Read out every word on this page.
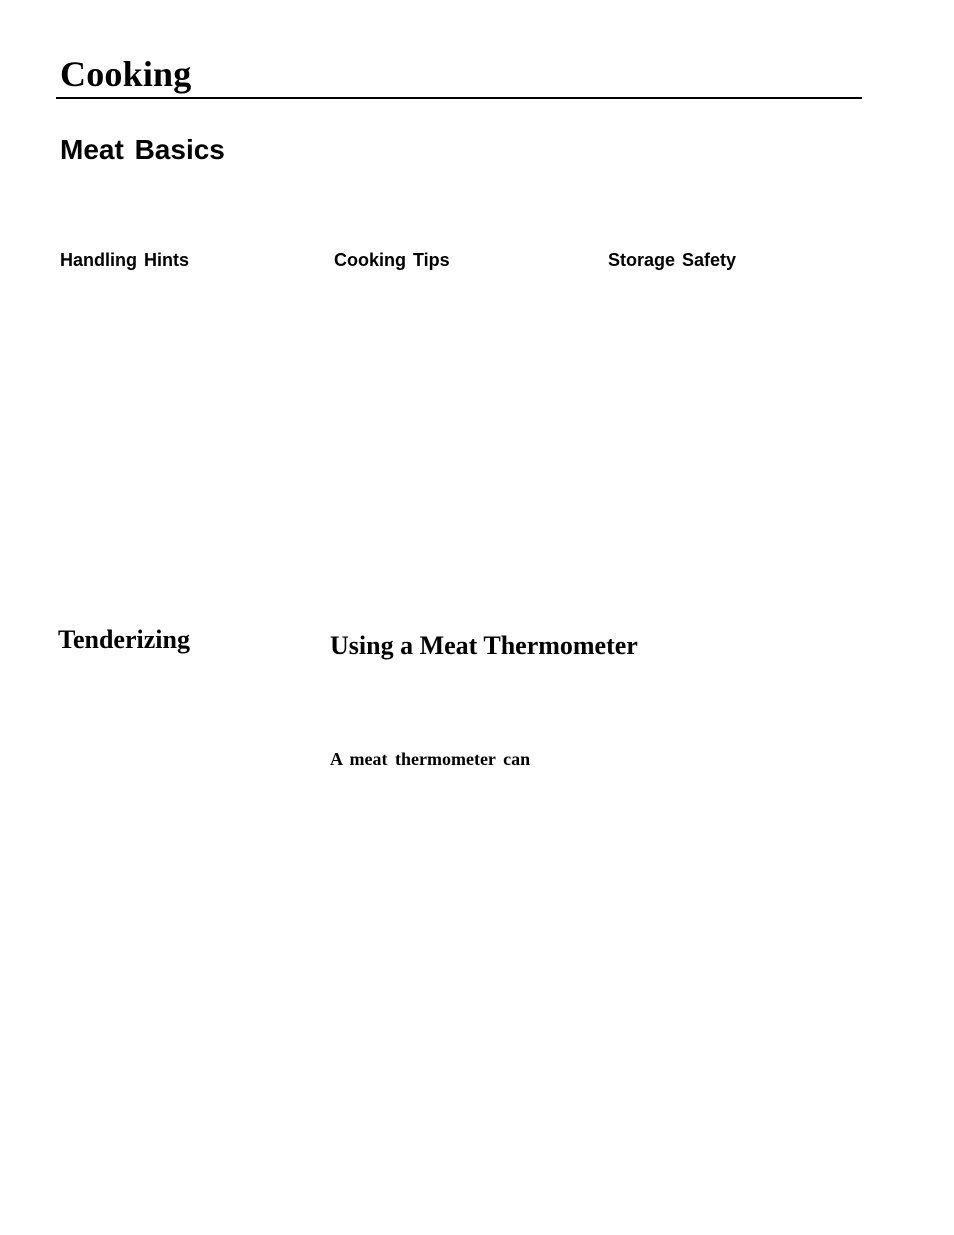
Cooking
Meat Basics
Handling Hints	Cooking Tips	Storage Safety
Tenderizing	Using a Meat Thermometer

A meat thermometer can
